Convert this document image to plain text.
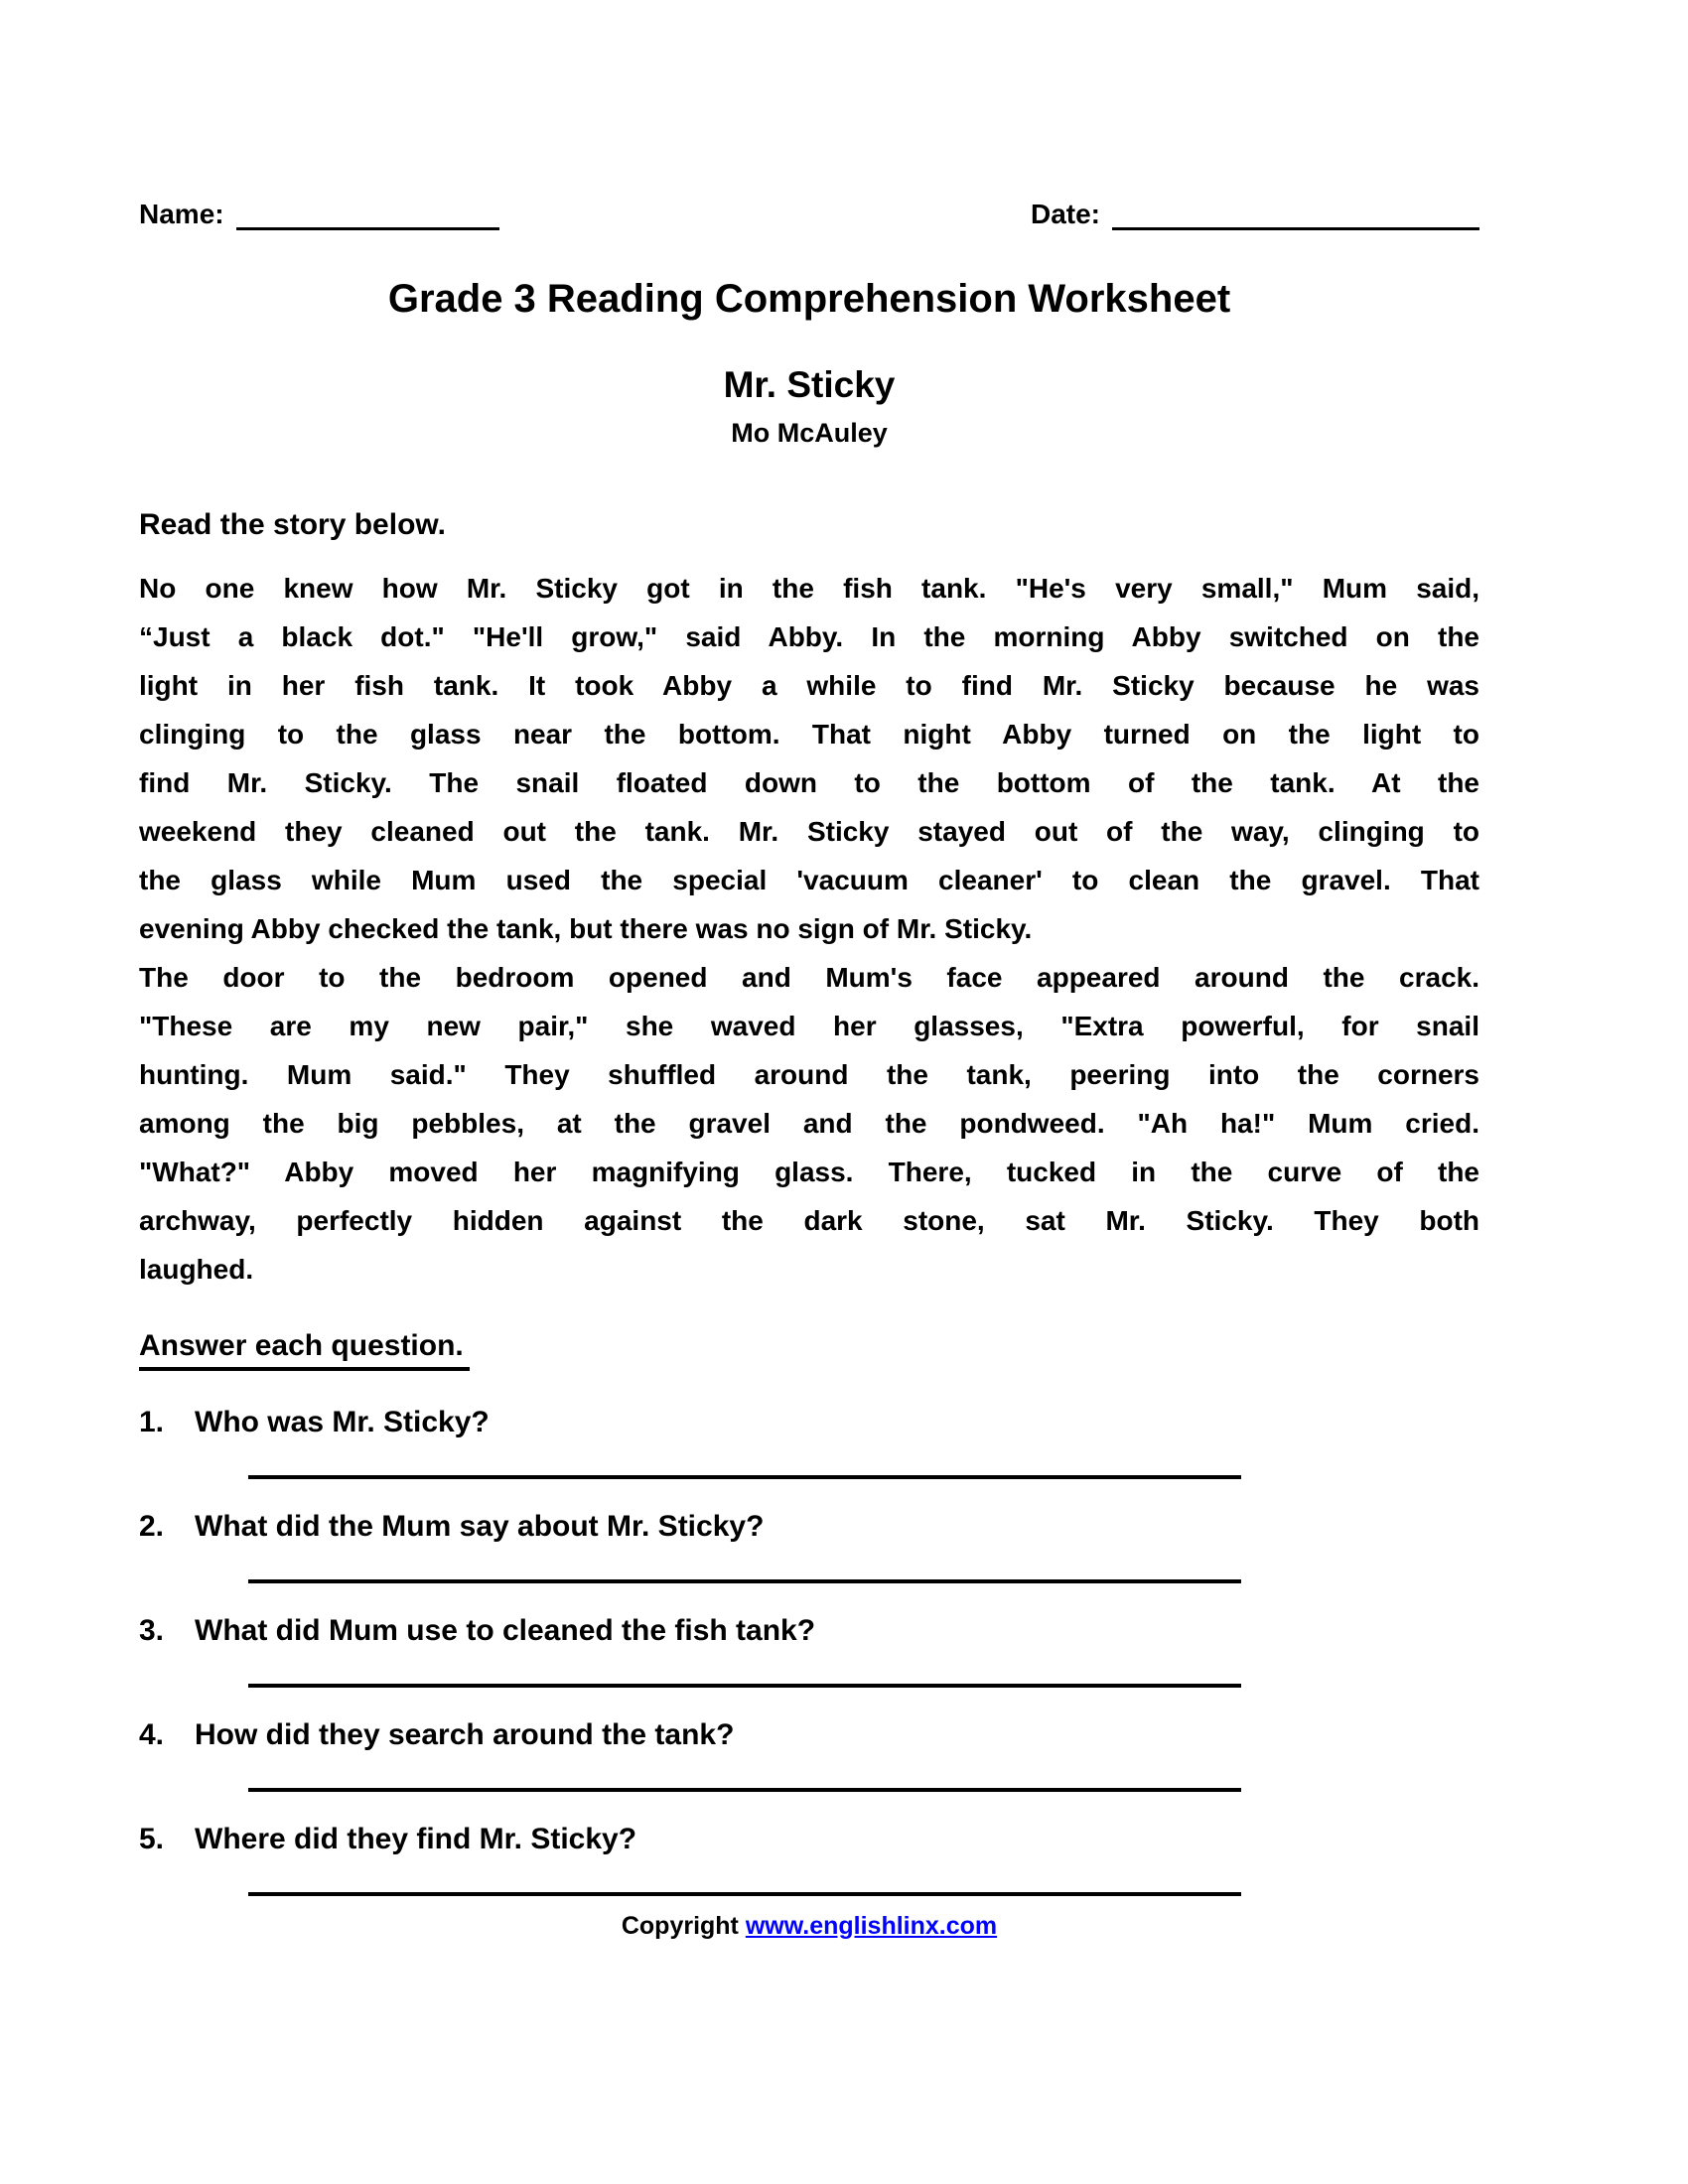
Name:	Date:
Grade 3 Reading Comprehension Worksheet
Mr. Sticky
Mo McAuley
Read the story below.
No one knew how Mr. Sticky got in the fish tank. "He's very small," Mum said,
“Just a black dot." "He'll grow," said Abby. In the morning Abby switched on the
light in her fish tank. It took Abby a while to find Mr. Sticky because he was
clinging to the glass near the bottom. That night Abby turned on the light to
find Mr. Sticky. The snail floated down to the bottom of the tank. At the
weekend they cleaned out the tank. Mr. Sticky stayed out of the way, clinging to
the glass while Mum used the special 'vacuum cleaner' to clean the gravel. That
evening Abby checked the tank, but there was no sign of Mr. Sticky.
The door to the bedroom opened and Mum's face appeared around the crack.
"These are my new pair," she waved her glasses, "Extra powerful, for snail
hunting. Mum said." They shuffled around the tank, peering into the corners
among the big pebbles, at the gravel and the pondweed. "Ah ha!" Mum cried.
"What?" Abby moved her magnifying glass. There, tucked in the curve of the
archway, perfectly hidden against the dark stone, sat Mr. Sticky. They both
laughed.
Answer each question.
1.	Who was Mr. Sticky?
2.	What did the Mum say about Mr. Sticky?
3.	What did Mum use to cleaned the fish tank?
4.	How did they search around the tank?
5.	Where did they find Mr. Sticky?
Copyright www.englishlinx.com
